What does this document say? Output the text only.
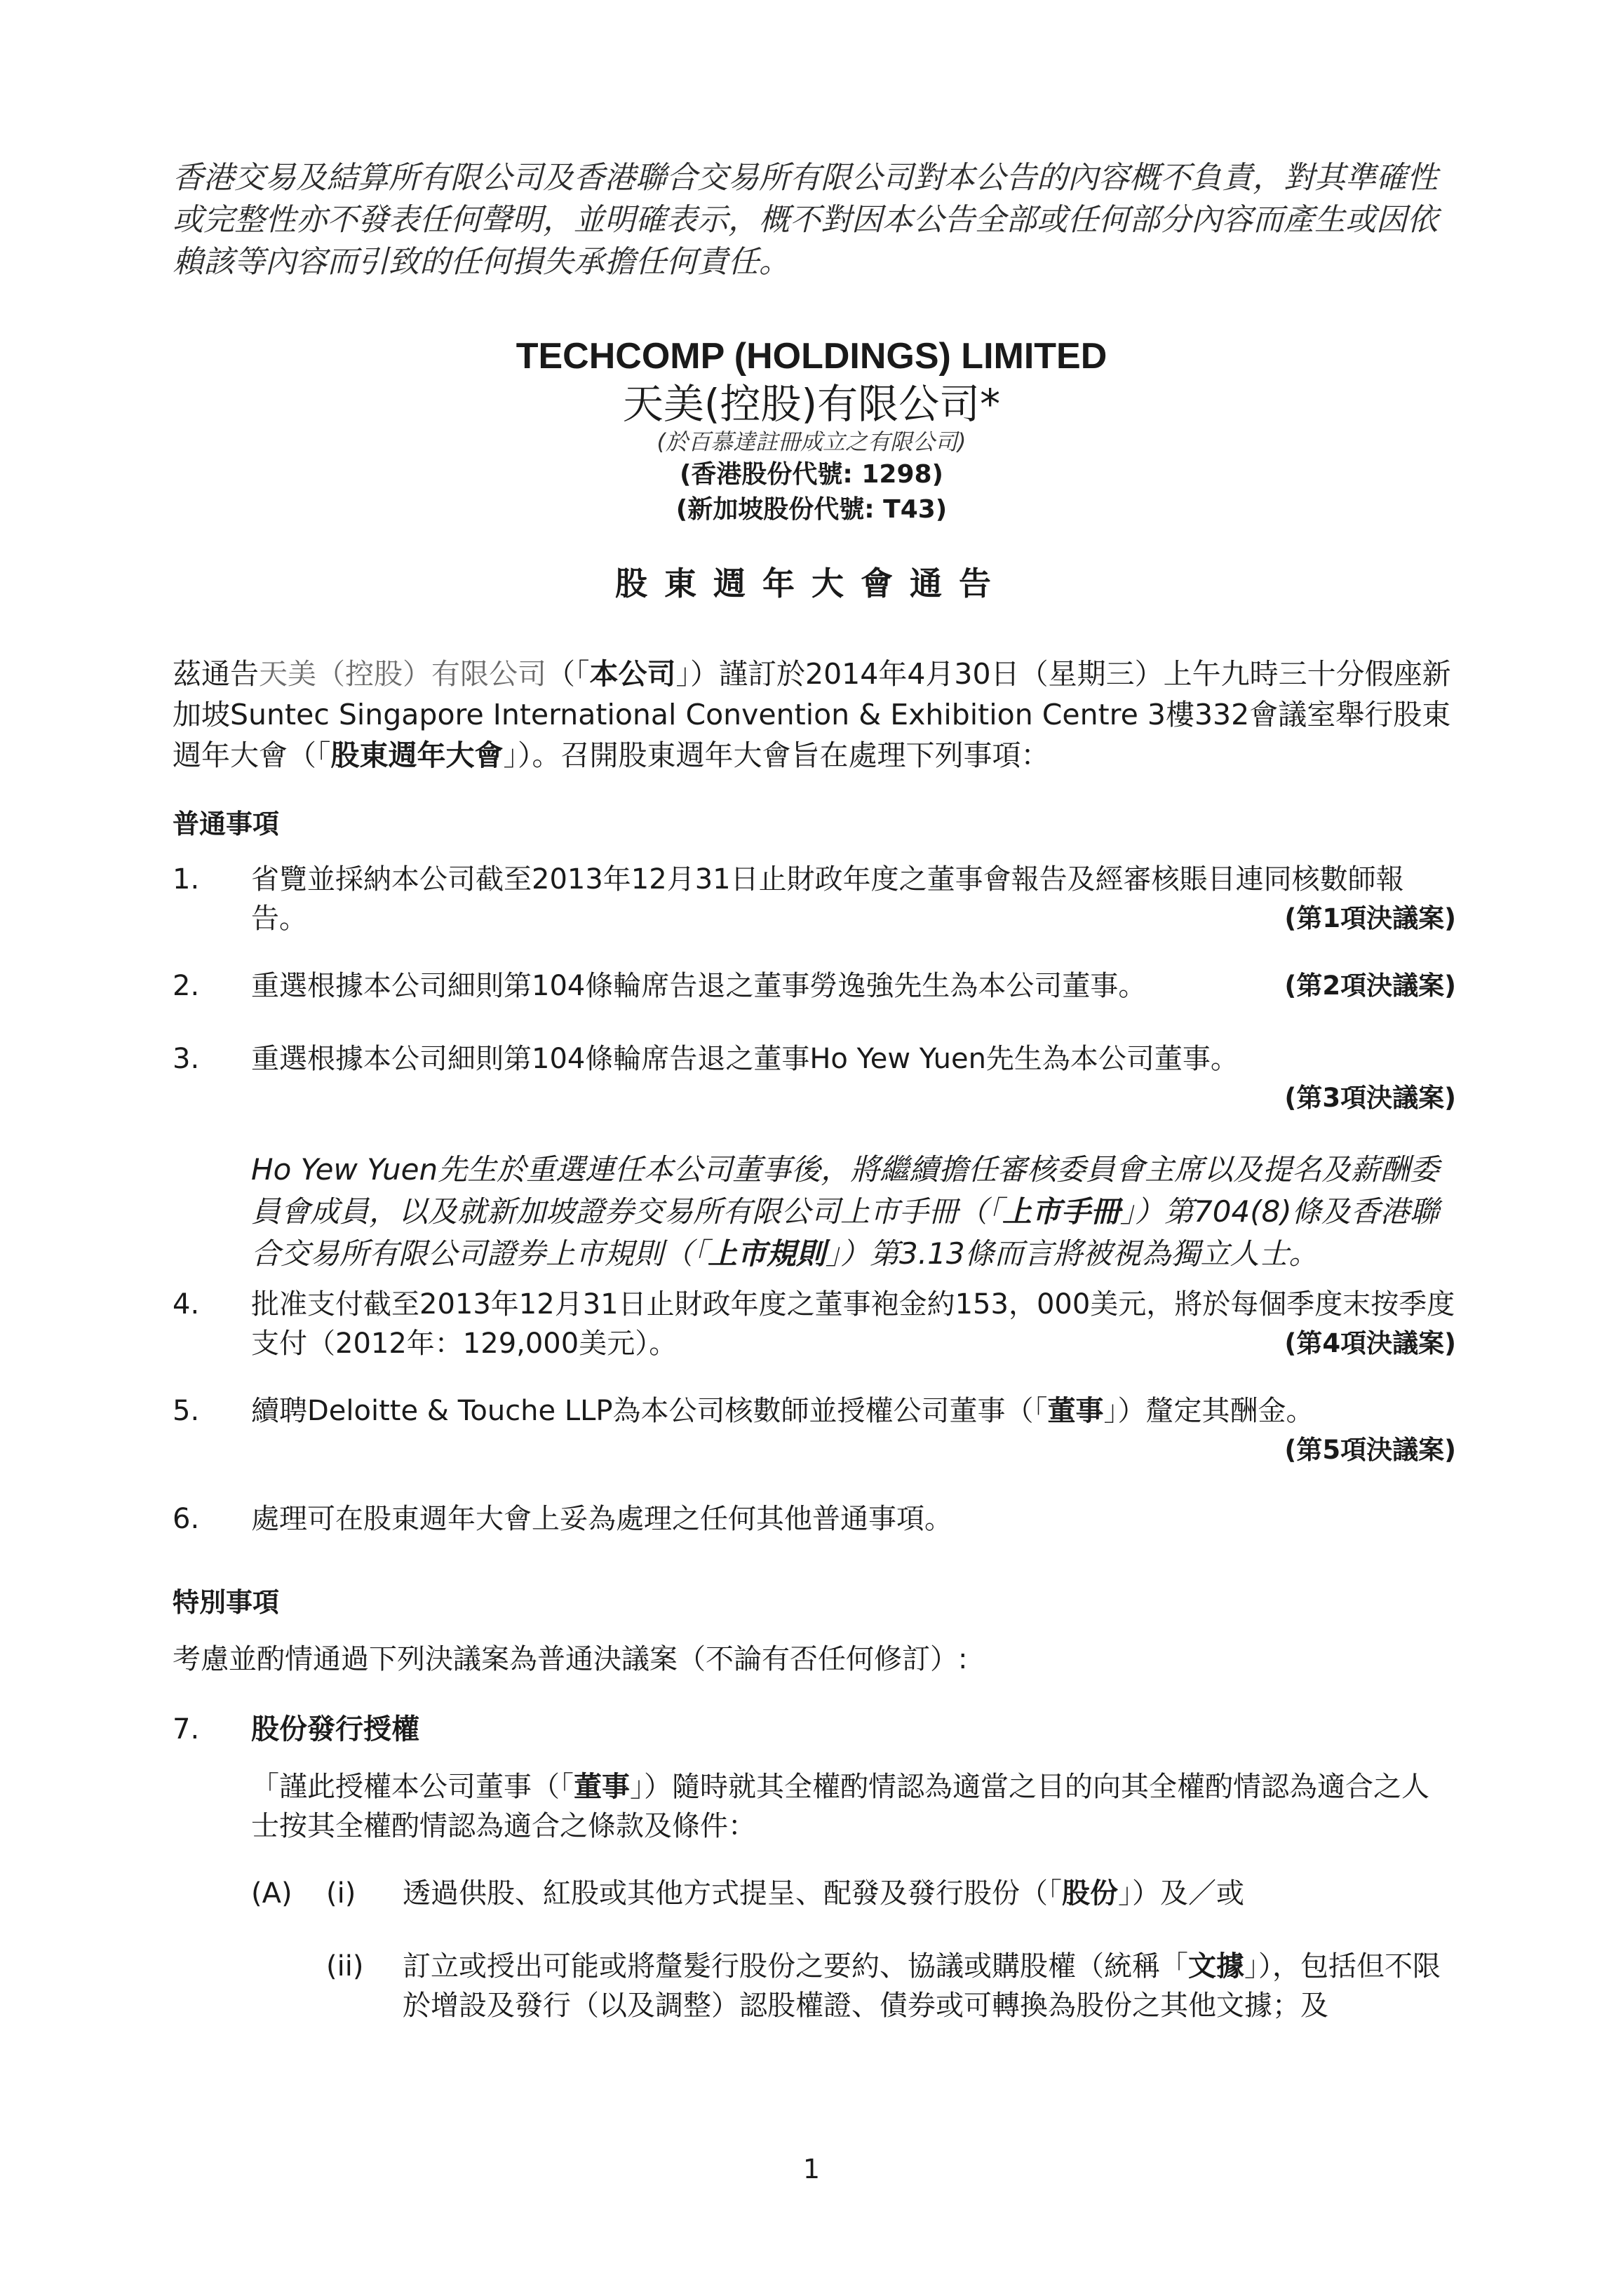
香港交易及結算所有限公司及香港聯合交易所有限公司對本公告的內容概不負責，對其準確性或完整性亦不發表任何聲明，並明確表示，概不對因本公告全部或任何部分內容而產生或因依賴該等內容而引致的任何損失承擔任何責任。
TECHCOMP (HOLDINGS) LIMITED
天美(控股)有限公司*
(於百慕達註冊成立之有限公司)
(香港股份代號: 1298)
(新加坡股份代號: T43)
股東週年大會通告
茲通告天美（控股）有限公司（「本公司」）謹訂於2014年4月30日（星期三）上午九時三十分假座新加坡Suntec Singapore International Convention & Exhibition Centre 3樓332會議室舉行股東週年大會（「股東週年大會」）。召開股東週年大會旨在處理下列事項：
普通事項
1. 省覽並採納本公司截至2013年12月31日止財政年度之董事會報告及經審核賬目連同核數師報告。	(第1項決議案)
2. 重選根據本公司細則第104條輪席告退之董事勞逸強先生為本公司董事。	(第2項決議案)
3. 重選根據本公司細則第104條輪席告退之董事Ho Yew Yuen先生為本公司董事。
(第3項決議案)
Ho Yew Yuen先生於重選連任本公司董事後，將繼續擔任審核委員會主席以及提名及薪酬委員會成員，以及就新加坡證券交易所有限公司上市手冊（「上市手冊」）第704(8)條及香港聯合交易所有限公司證券上市規則（「上市規則」）第3.13條而言將被視為獨立人士。
4. 批准支付截至2013年12月31日止財政年度之董事袍金約153，000美元，將於每個季度末按季度支付（2012年：129,000美元）。	(第4項決議案)
5. 續聘Deloitte & Touche LLP為本公司核數師並授權公司董事（「董事」）釐定其酬金。
(第5項決議案)
6. 處理可在股東週年大會上妥為處理之任何其他普通事項。
特別事項
考慮並酌情通過下列決議案為普通決議案（不論有否任何修訂）:
7. 股份發行授權
「謹此授權本公司董事（「董事」）隨時就其全權酌情認為適當之目的向其全權酌情認為適合之人士按其全權酌情認為適合之條款及條件：
(A) (i) 透過供股、紅股或其他方式提呈、配發及發行股份（「股份」）及／或
(ii) 訂立或授出可能或將釐髮行股份之要約、協議或購股權（統稱「文據」），包括但不限於增設及發行（以及調整）認股權證、債券或可轉換為股份之其他文據；及
1
